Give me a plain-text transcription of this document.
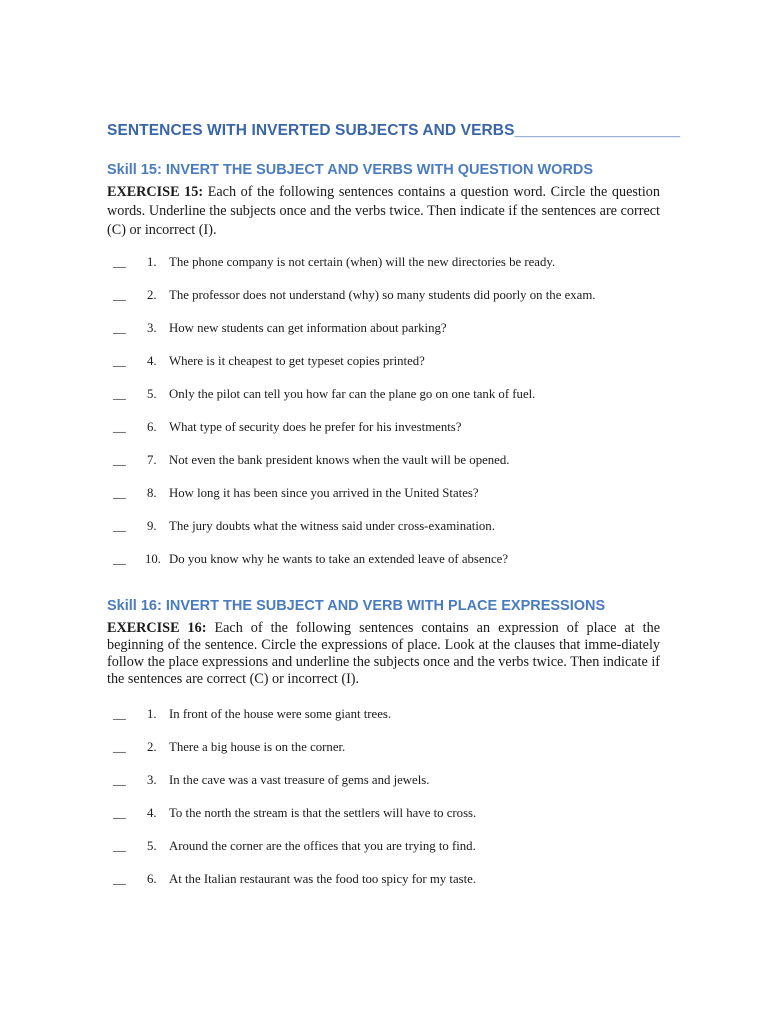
SENTENCES WITH INVERTED SUBJECTS AND VERBS___________________
Skill 15: INVERT THE SUBJECT AND VERBS WITH QUESTION WORDS
EXERCISE 15: Each of the following sentences contains a question word. Circle the question words. Underline the subjects once and the verbs twice. Then indicate if the sentences are correct (C) or incorrect (I).
__ 1. The phone company is not certain (when) will the new directories be ready.
__ 2. The professor does not understand (why) so many students did poorly on the exam.
__ 3. How new students can get information about parking?
__ 4. Where is it cheapest to get typeset copies printed?
__ 5. Only the pilot can tell you how far can the plane go on one tank of fuel.
__ 6. What type of security does he prefer for his investments?
__ 7. Not even the bank president knows when the vault will be opened.
__ 8. How long it has been since you arrived in the United States?
__ 9. The jury doubts what the witness said under cross-examination.
__ 10. Do you know why he wants to take an extended leave of absence?
Skill 16: INVERT THE SUBJECT AND VERB WITH PLACE EXPRESSIONS
EXERCISE 16: Each of the following sentences contains an expression of place at the beginning of the sentence. Circle the expressions of place. Look at the clauses that imme-diately follow the place expressions and underline the subjects once and the verbs twice. Then indicate if the sentences are correct (C) or incorrect (I).
__ 1. In front of the house were some giant trees.
__ 2. There a big house is on the corner.
__ 3. In the cave was a vast treasure of gems and jewels.
__ 4. To the north the stream is that the settlers will have to cross.
__ 5. Around the corner are the offices that you are trying to find.
__ 6. At the Italian restaurant was the food too spicy for my taste.
